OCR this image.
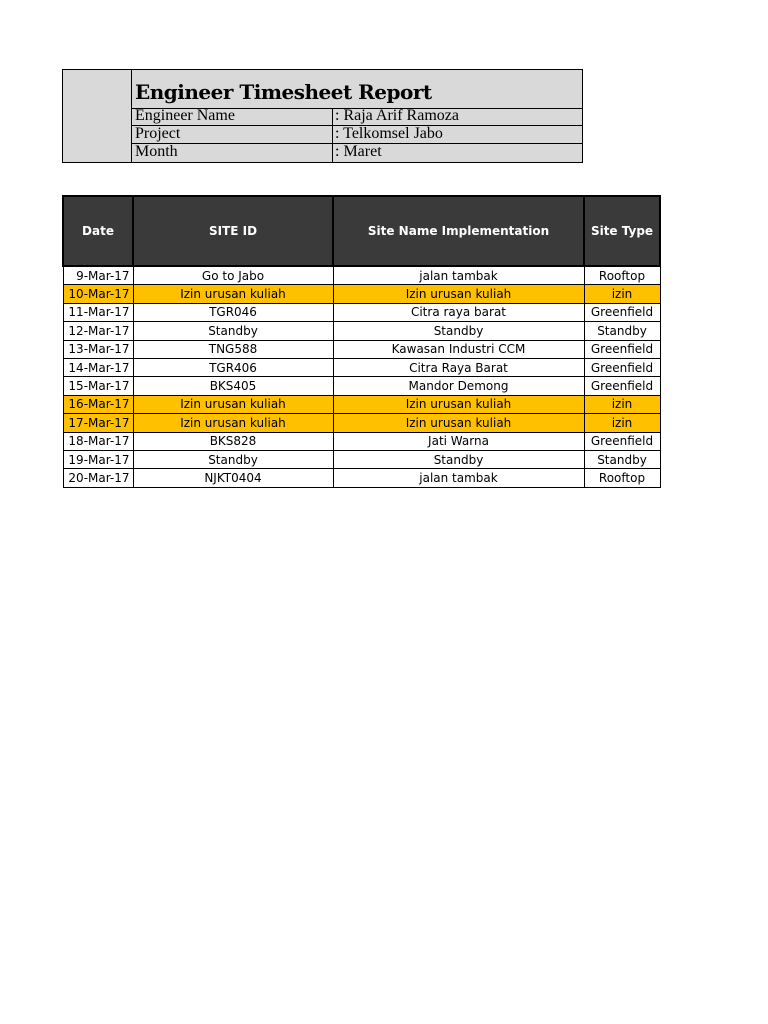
Engineer Timesheet Report
Engineer Name	: Raja Arif Ramoza
Project	: Telkomsel Jabo
Month	: Maret
Date	SITE ID	Site Name Implementation	Site Type
9-Mar-17	Go to Jabo	jalan tambak	Rooftop
10-Mar-17	Izin urusan kuliah	Izin urusan kuliah	izin
11-Mar-17	TGR046	Citra raya barat	Greenfield
12-Mar-17	Standby	Standby	Standby
13-Mar-17	TNG588	Kawasan Industri CCM	Greenfield
14-Mar-17	TGR406	Citra Raya Barat	Greenfield
15-Mar-17	BKS405	Mandor Demong	Greenfield
16-Mar-17	Izin urusan kuliah	Izin urusan kuliah	izin
17-Mar-17	Izin urusan kuliah	Izin urusan kuliah	izin
18-Mar-17	BKS828	Jati Warna	Greenfield
19-Mar-17	Standby	Standby	Standby
20-Mar-17	NJKT0404	jalan tambak	Rooftop
